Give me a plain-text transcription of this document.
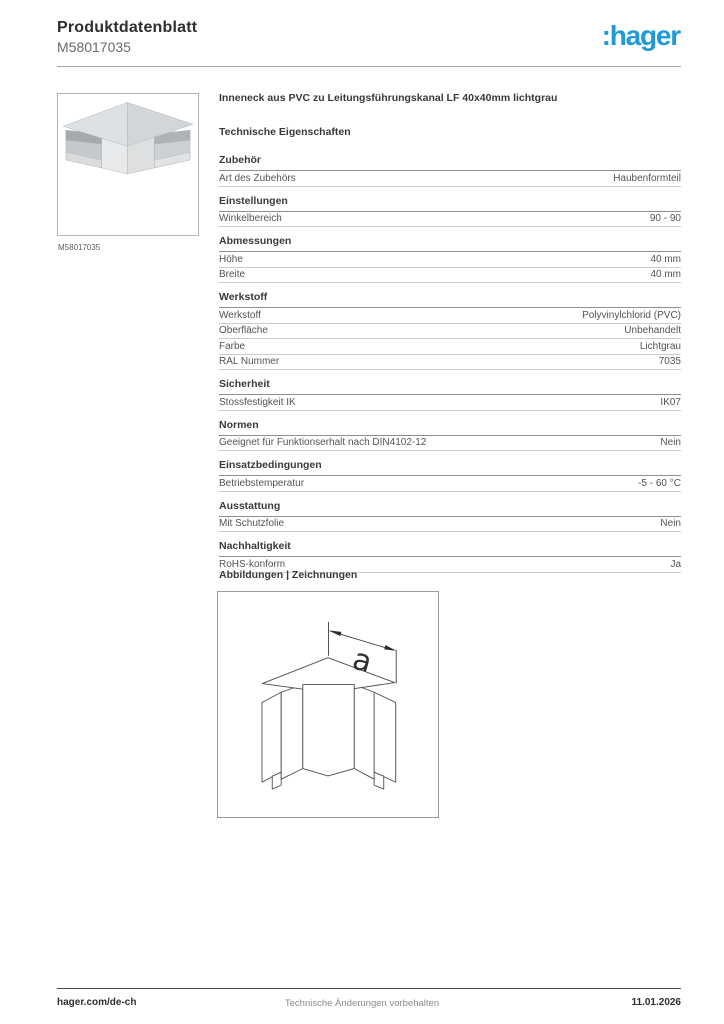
Produktdatenblatt
M58017035	:hager
M58017035
Inneneck aus PVC zu Leitungsführungskanal LF 40x40mm lichtgrau
Technische Eigenschaften
Zubehör
Art des Zubehörs	Haubenformteil
Einstellungen
Winkelbereich	90 - 90
Abmessungen
Höhe	40 mm
Breite	40 mm
Werkstoff
Werkstoff	Polyvinylchlorid (PVC)
Oberfläche	Unbehandelt
Farbe	Lichtgrau
RAL Nummer	7035
Sicherheit
Stossfestigkeit IK	IK07
Normen
Geeignet für Funktionserhalt nach DIN4102-12	Nein
Einsatzbedingungen
Betriebstemperatur	-5 - 60 °C
Ausstattung
Mit Schutzfolie	Nein
Nachhaltigkeit
RoHS-konform	Ja
Abbildungen | Zeichnungen
a
Technische Änderungen vorbehalten
hager.com/de-ch	11.01.2026
